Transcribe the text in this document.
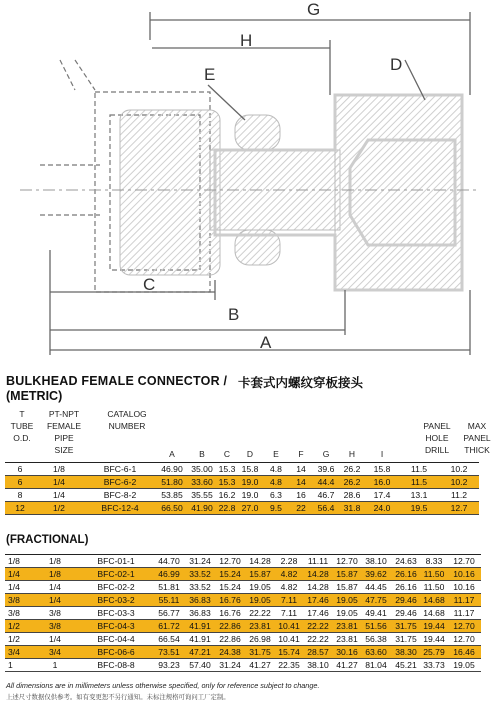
G
H
E
D
C
B
A
BULKHEAD FEMALE CONNECTOR / 卡套式内螺纹穿板接头
(METRIC)
T
TUBE
O.D.
PT-NPT
FEMALE
PIPE
SIZE
CATALOG
NUMBER	PANEL
HOLE
DRILL
MAX
PANEL
THICK
A	B	C	D	E	F	G	H	I
6	1/8	BFC-6-1	46.90	35.00	15.3	15.8	4.8	14	39.6	26.2	15.8	11.5	10.2
6	1/4	BFC-6-2	51.80	33.60	15.3	19.0	4.8	14	44.4	26.2	16.0	11.5	10.2
8	1/4	BFC-8-2	53.85	35.55	16.2	19.0	6.3	16	46.7	28.6	17.4	13.1	11.2
12	1/2	BFC-12-4	66.50	41.90	22.8	27.0	9.5	22	56.4	31.8	24.0	19.5	12.7
(FRACTIONAL)
1/8	1/8	BFC-01-1	44.70	31.24	12.70	14.28	2.28	11.11	12.70	38.10	24.63	8.33	12.70
1/4	1/8	BFC-02-1	46.99	33.52	15.24	15.87	4.82	14.28	15.87	39.62	26.16	11.50	10.16
1/4	1/4	BFC-02-2	51.81	33.52	15.24	19.05	4.82	14.28	15.87	44.45	26.16	11.50	10.16
3/8	1/4	BFC-03-2	55.11	36.83	16.76	19.05	7.11	17.46	19.05	47.75	29.46	14.68	11.17
3/8	3/8	BFC-03-3	56.77	36.83	16.76	22.22	7.11	17.46	19.05	49.41	29.46	14.68	11.17
1/2	3/8	BFC-04-3	61.72	41.91	22.86	23.81	10.41	22.22	23.81	51.56	31.75	19.44	12.70
1/2	1/4	BFC-04-4	66.54	41.91	22.86	26.98	10.41	22.22	23.81	56.38	31.75	19.44	12.70
3/4	3/4	BFC-06-6	73.51	47.21	24.38	31.75	15.74	28.57	30.16	63.60	38.30	25.79	16.46
1	1	BFC-08-8	93.23	57.40	31.24	41.27	22.35	38.10	41.27	81.04	45.21	33.73	19.05
All dimensions are in millimeters unless otherwise specified, only for reference subject to change.
上述尺寸数据仅供参考。如有变更恕不另行通知。未标注规格可询问工厂定制。
